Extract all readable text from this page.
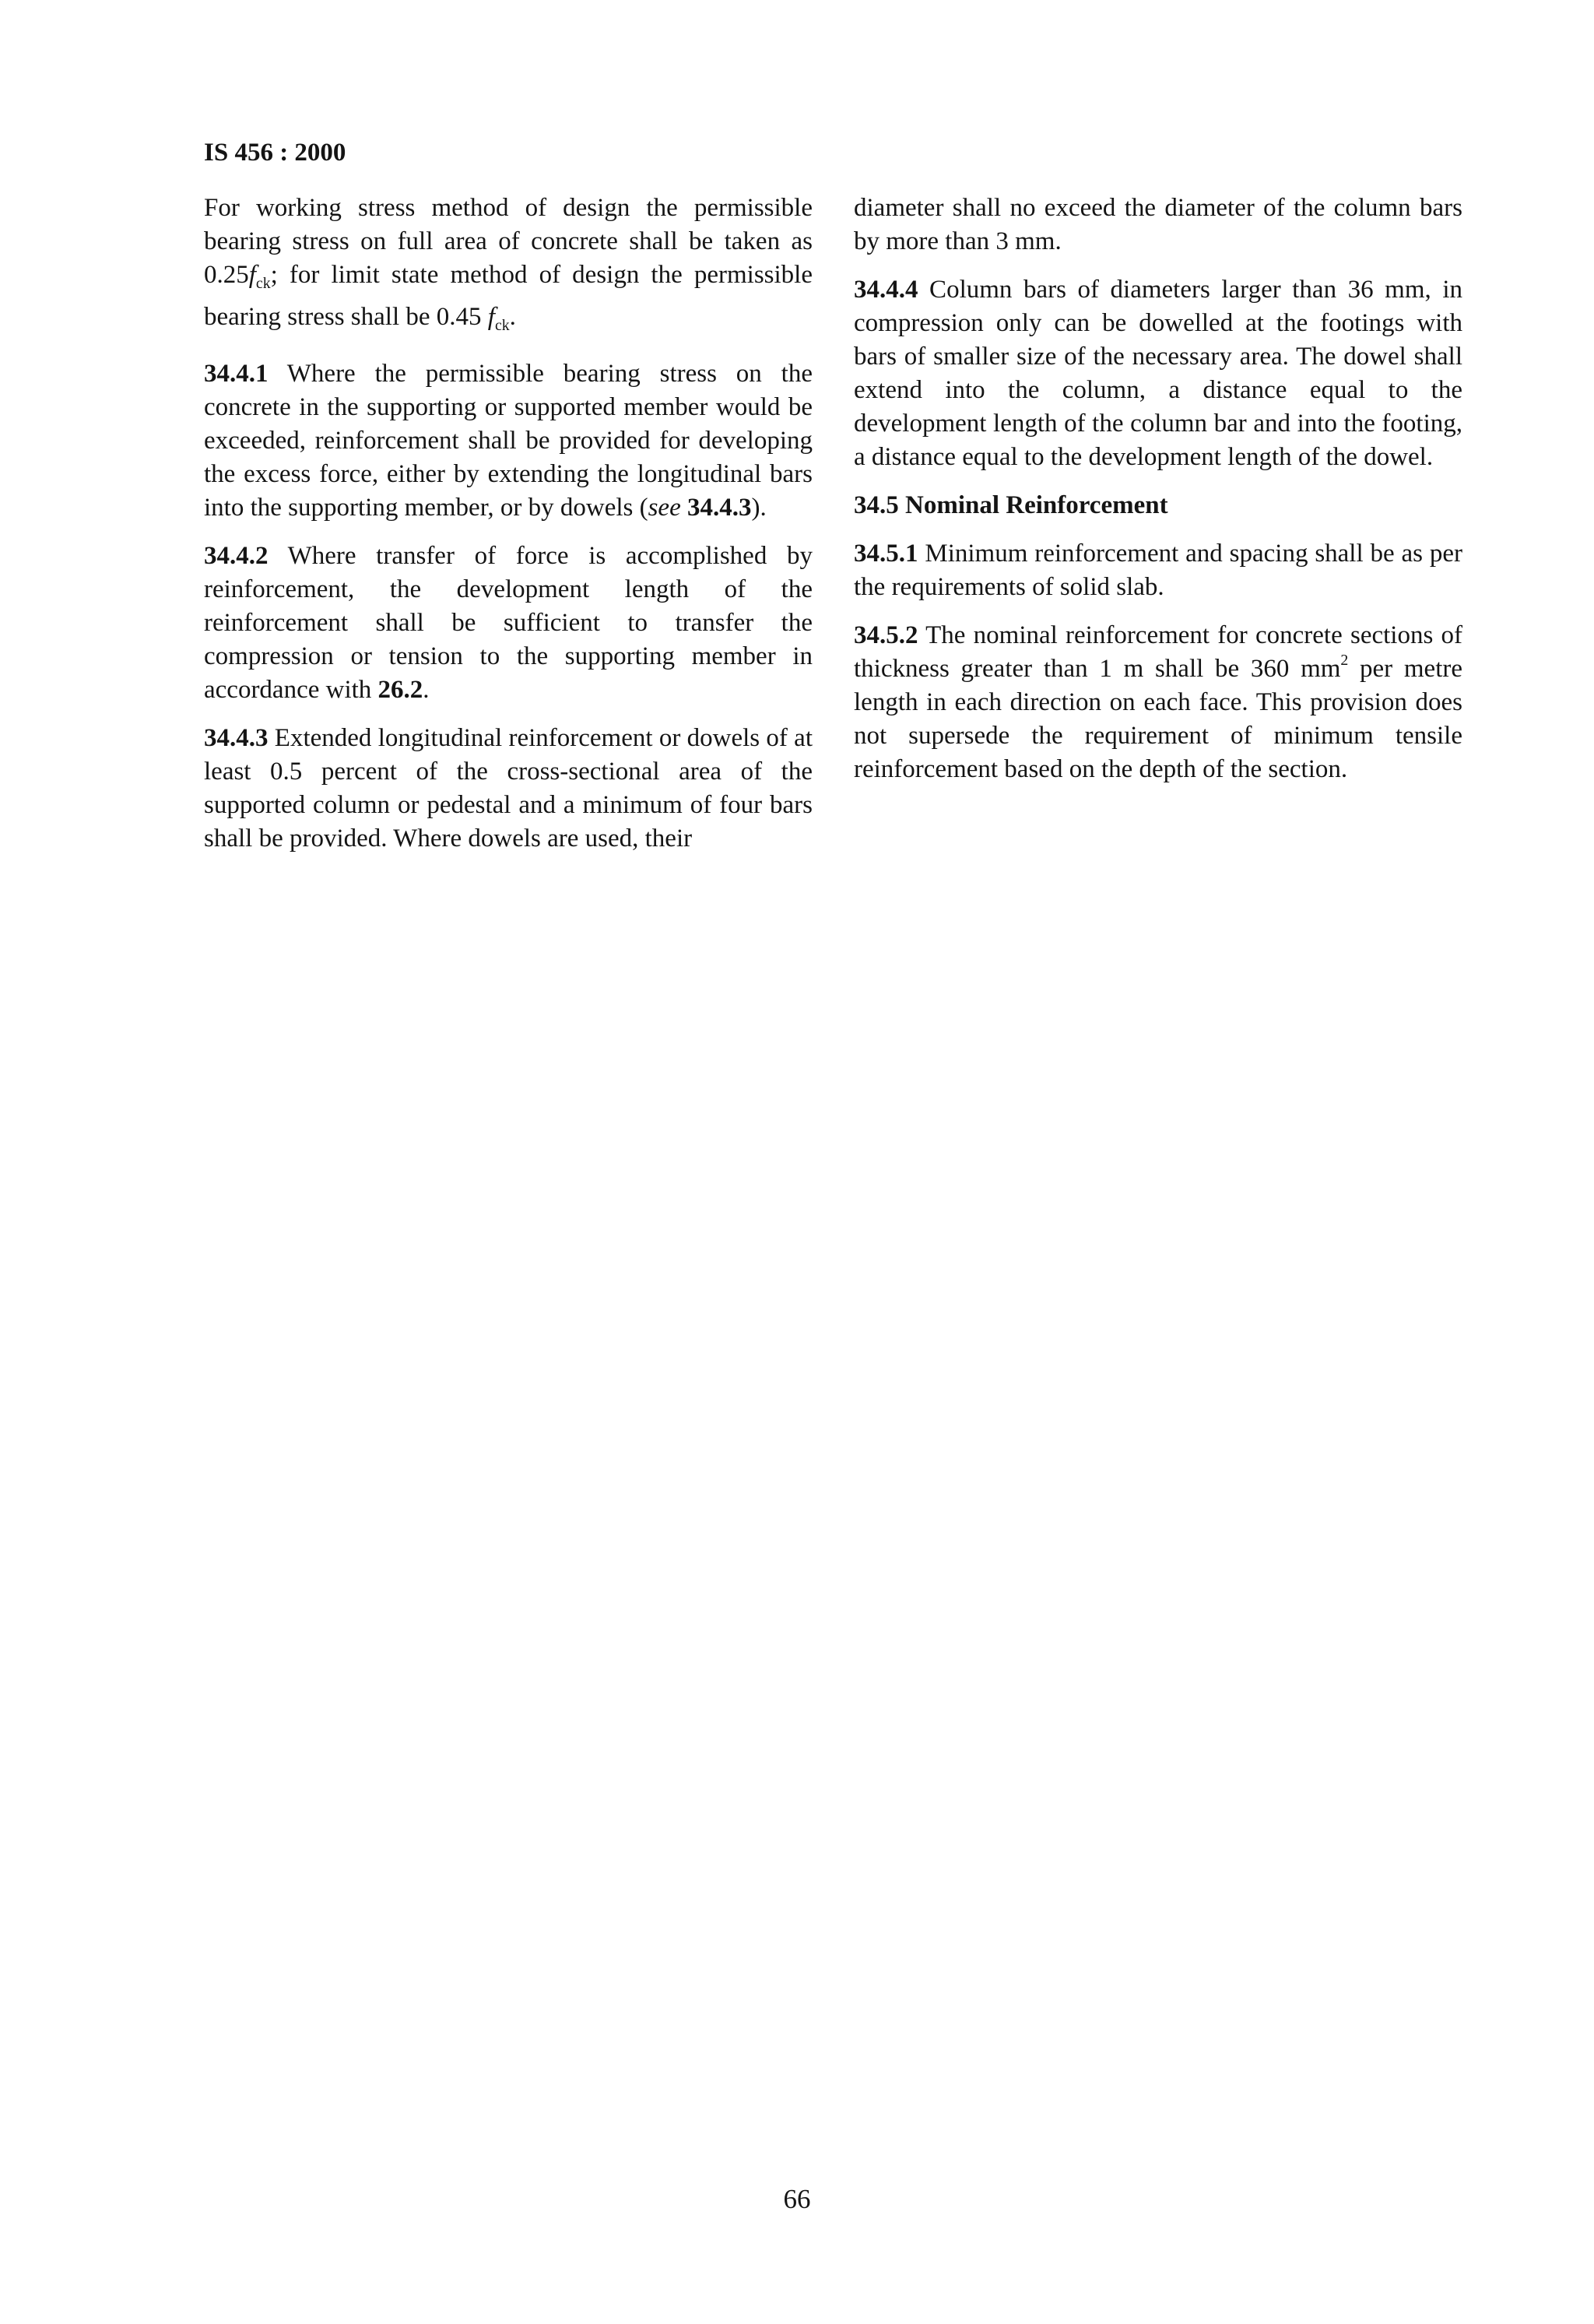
IS 456 : 2000

For working stress method of design the permissible bearing stress on full area of concrete shall be taken as $0.25f_{ck}$; for limit state method of design the permissible bearing stress shall be 0.45 $f_{ck}$.

34.4.1 Where the permissible bearing stress on the concrete in the supporting or supported member would be exceeded, reinforcement shall be provided for developing the excess force, either by extending the longitudinal bars into the supporting member, or by dowels (see 34.4.3).

34.4.2 Where transfer of force is accomplished by reinforcement, the development length of the reinforcement shall be sufficient to transfer the compression or tension to the supporting member in accordance with 26.2.

34.4.3 Extended longitudinal reinforcement or dowels of at least 0.5 percent of the cross-sectional area of the supported column or pedestal and a minimum of four bars shall be provided. Where dowels are used, their

diameter shall no exceed the diameter of the column bars by more than 3 mm.

34.4.4 Column bars of diameters larger than 36 mm, in compression only can be dowelled at the footings with bars of smaller size of the necessary area. The dowel shall extend into the column, a distance equal to the development length of the column bar and into the footing, a distance equal to the development length of the dowel.

34.5 Nominal Reinforcement

34.5.1 Minimum reinforcement and spacing shall be as per the requirements of solid slab.

34.5.2 The nominal reinforcement for concrete sections of thickness greater than 1 m shall be 360 $mm^2$ per metre length in each direction on each face. This provision does not supersede the requirement of minimum tensile reinforcement based on the depth of the section.

66
